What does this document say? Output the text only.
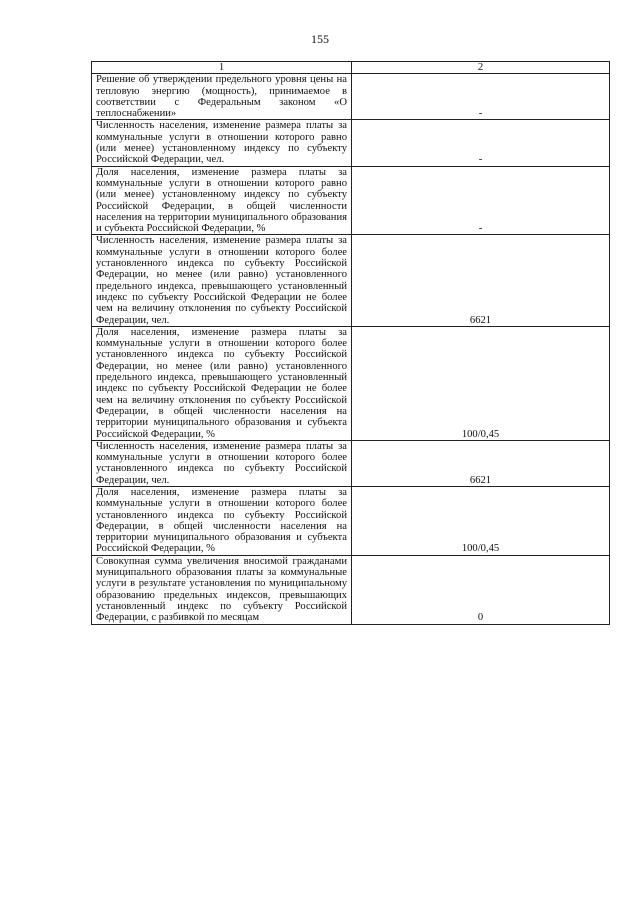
155
1	2
Решение об утверждении предельного уровня цены на тепловую энергию (мощность), принимаемое в соответствии с Федеральным законом «О теплоснабжении»	-
Численность населения, изменение размера платы за коммунальные услуги в отношении которого равно (или менее) установленному индексу по субъекту Российской Федерации, чел.	-
Доля населения, изменение размера платы за коммунальные услуги в отношении которого равно (или менее) установленному индексу по субъекту Российской Федерации, в общей численности населения на территории муниципального образования и субъекта Российской Федерации, %	-
Численность населения, изменение размера платы за коммунальные услуги в отношении которого более установленного индекса по субъекту Российской Федерации, но менее (или равно) установленного предельного индекса, превышающего установленный индекс по субъекту Российской Федерации не более чем на величину отклонения по субъекту Российской Федерации, чел.	6621
Доля населения, изменение размера платы за коммунальные услуги в отношении которого более установленного индекса по субъекту Российской Федерации, но менее (или равно) установленного предельного индекса, превышающего установленный индекс по субъекту Российской Федерации не более чем на величину отклонения по субъекту Российской Федерации, в общей численности населения на территории муниципального образования и субъекта Российской Федерации, %	100/0,45
Численность населения, изменение размера платы за коммунальные услуги в отношении которого более установленного индекса по субъекту Российской Федерации, чел.	6621
Доля населения, изменение размера платы за коммунальные услуги в отношении которого более установленного индекса по субъекту Российской Федерации, в общей численности населения на территории муниципального образования и субъекта Российской Федерации, %	100/0,45
Совокупная сумма увеличения вносимой гражданами муниципального образования платы за коммунальные услуги в результате установления по муниципальному образованию предельных индексов, превышающих установленный индекс по субъекту Российской Федерации, с разбивкой по месяцам	0
